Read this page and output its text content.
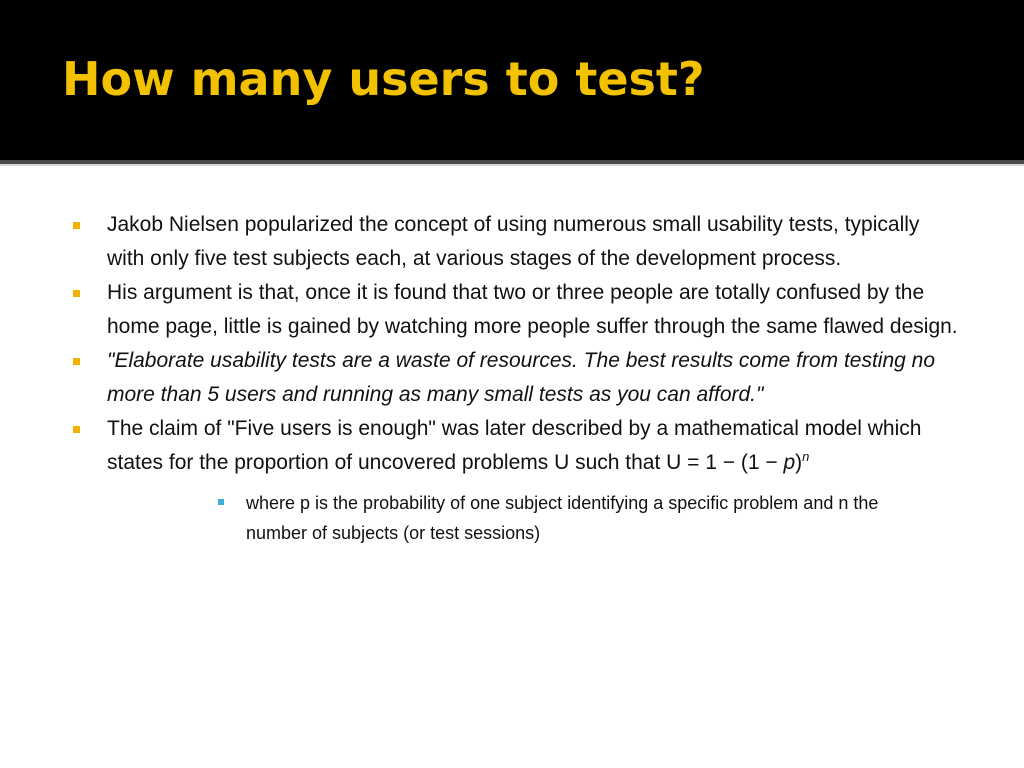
How many users to test?
Jakob Nielsen popularized the concept of using numerous small usability tests, typically with only five test subjects each, at various stages of the development process.
His argument is that, once it is found that two or three people are totally confused by the home page, little is gained by watching more people suffer through the same flawed design.
"Elaborate usability tests are a waste of resources. The best results come from testing no more than 5 users and running as many small tests as you can afford."
The claim of "Five users is enough" was later described by a mathematical model which states for the proportion of uncovered problems U such that $U = 1 - (1 - p)^n$
where p is the probability of one subject identifying a specific problem and n the number of subjects (or test sessions)
